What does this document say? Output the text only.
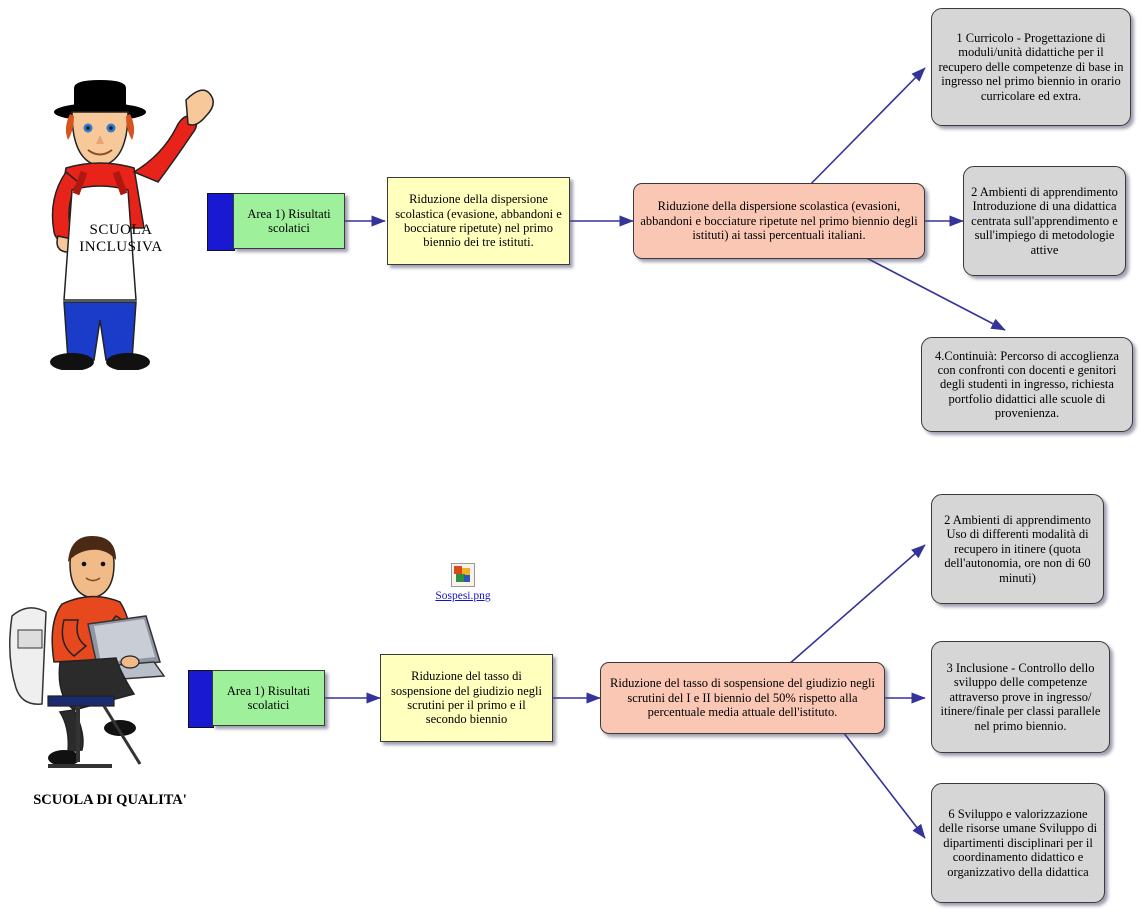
SCUOLA
INCLUSIVA
SCUOLA DI QUALITA'
Area 1) Risultati scolatici
Riduzione della dispersione scolastica (evasione, abbandoni e bocciature ripetute) nel primo biennio dei tre istituti.
Riduzione della dispersione scolastica (evasioni, abbandoni e bocciature ripetute nel primo biennio degli istituti) ai tassi percentuali italiani.
1 Curricolo - Progettazione di moduli/unità didattiche per il recupero delle competenze di base in ingresso nel primo biennio in orario curricolare ed extra.
2 Ambienti di apprendimento Introduzione di una didattica centrata sull'apprendimento e sull'impiego di metodologie attive
4.Continuià: Percorso di accoglienza con confronti con docenti e genitori degli studenti in ingresso, richiesta portfolio didattici alle scuole di provenienza.
Sospesi.png
Area 1) Risultati scolatici
Riduzione del tasso di sospensione del giudizio negli scrutini per il primo e il secondo biennio
Riduzione del tasso di sospensione del giudizio negli scrutini del I e II biennio del 50% rispetto alla percentuale media attuale dell'istituto.
2 Ambienti di apprendimento Uso di differenti modalità di recupero in itinere (quota dell'autonomia, ore non di 60 minuti)
3 Inclusione - Controllo dello sviluppo delle competenze attraverso prove in ingresso/ itinere/finale per classi parallele nel primo biennio.
6 Sviluppo e valorizzazione delle risorse umane Sviluppo di dipartimenti disciplinari per il coordinamento didattico e organizzativo della didattica
